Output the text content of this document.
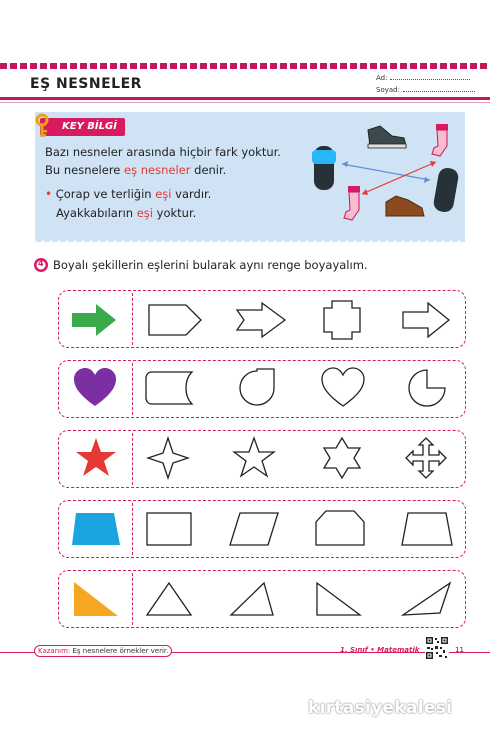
EŞ NESNELER	Ad:
Soyad:
KEY BİLGİ
Bazı nesneler arasında hiçbir fark yoktur.
Bu nesnelere eş nesneler denir.
• Çorap ve terliğin eşi vardır.
Ayakkabıların eşi yoktur.
4 Boyalı şekillerin eşlerini bularak aynı renge boyayalım.
Kazanım: Eş nesnelere örnekler verir.	1. Sınıf • Matematik	11
kırtasiyekalesi
